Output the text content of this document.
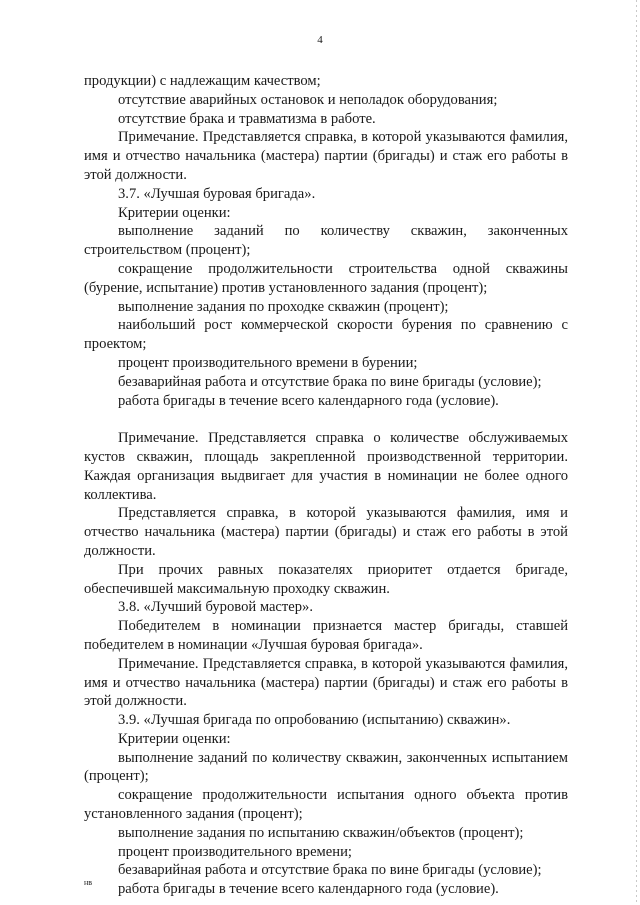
4

продукции) с надлежащим качеством;

отсутствие аварийных остановок и неполадок оборудования;

отсутствие брака и травматизма в работе.

Примечание. Представляется справка, в которой указываются фамилия, имя и отчество начальника (мастера) партии (бригады) и стаж его работы в этой должности.

3.7. «Лучшая буровая бригада».

Критерии оценки:

выполнение заданий по количеству скважин, законченных строительством (процент);

сокращение продолжительности строительства одной скважины (бурение, испытание) против установленного задания (процент);

выполнение задания по проходке скважин (процент);

наибольший рост коммерческой скорости бурения по сравнению с проектом;

процент производительного времени в бурении;

безаварийная работа и отсутствие брака по вине бригады (условие);

работа бригады в течение всего календарного года (условие).

Примечание. Представляется справка о количестве обслуживаемых кустов скважин, площадь закрепленной производственной территории. Каждая организация выдвигает для участия в номинации не более одного коллектива.

Представляется справка, в которой указываются фамилия, имя и отчество начальника (мастера) партии (бригады) и стаж его работы в этой должности.

При прочих равных показателях приоритет отдается бригаде, обеспечившей максимальную проходку скважин.

3.8. «Лучший буровой мастер».

Победителем в номинации признается мастер бригады, ставшей победителем в номинации «Лучшая буровая бригада».

Примечание. Представляется справка, в которой указываются фамилия, имя и отчество начальника (мастера) партии (бригады) и стаж его работы в этой должности.

3.9. «Лучшая бригада по опробованию (испытанию) скважин».

Критерии оценки:

выполнение заданий по количеству скважин, законченных испытанием (процент);

сокращение продолжительности испытания одного объекта против установленного задания (процент);

выполнение задания по испытанию скважин/объектов (процент);

процент производительного времени;

безаварийная работа и отсутствие брака по вине бригады (условие);

работа бригады в течение всего календарного года (условие).

нв
